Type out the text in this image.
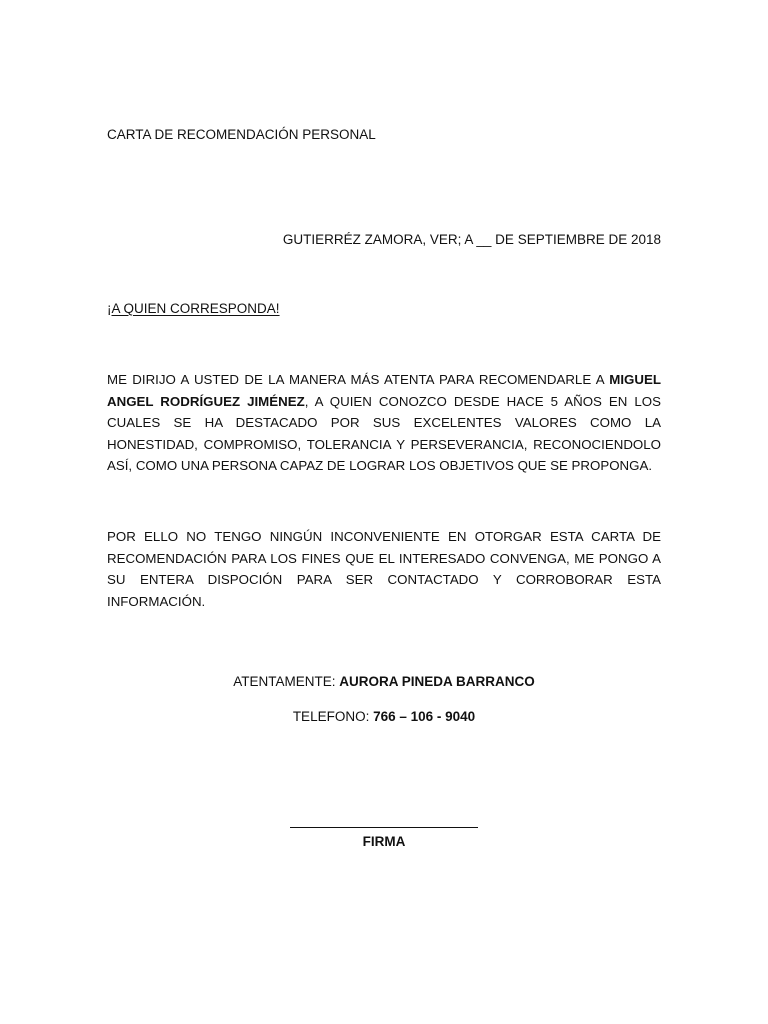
CARTA DE RECOMENDACIÓN PERSONAL

GUTIERRÉZ ZAMORA, VER; A __ DE SEPTIEMBRE DE 2018

¡A QUIEN CORRESPONDA!

ME DIRIJO A USTED DE LA MANERA MÁS ATENTA PARA RECOMENDARLE A MIGUEL ANGEL RODRÍGUEZ JIMÉNEZ, A QUIEN CONOZCO DESDE HACE 5 AÑOS EN LOS CUALES SE HA DESTACADO POR SUS EXCELENTES VALORES COMO LA HONESTIDAD, COMPROMISO, TOLERANCIA Y PERSEVERANCIA, RECONOCIENDOLO ASÍ, COMO UNA PERSONA CAPAZ DE LOGRAR LOS OBJETIVOS QUE SE PROPONGA.

POR ELLO NO TENGO NINGÚN INCONVENIENTE EN OTORGAR ESTA CARTA DE RECOMENDACIÓN PARA LOS FINES QUE EL INTERESADO CONVENGA, ME PONGO A SU ENTERA DISPOCIÓN PARA SER CONTACTADO Y CORROBORAR ESTA INFORMACIÓN.

ATENTAMENTE: AURORA PINEDA BARRANCO

TELEFONO: 766 – 106 - 9040

FIRMA
